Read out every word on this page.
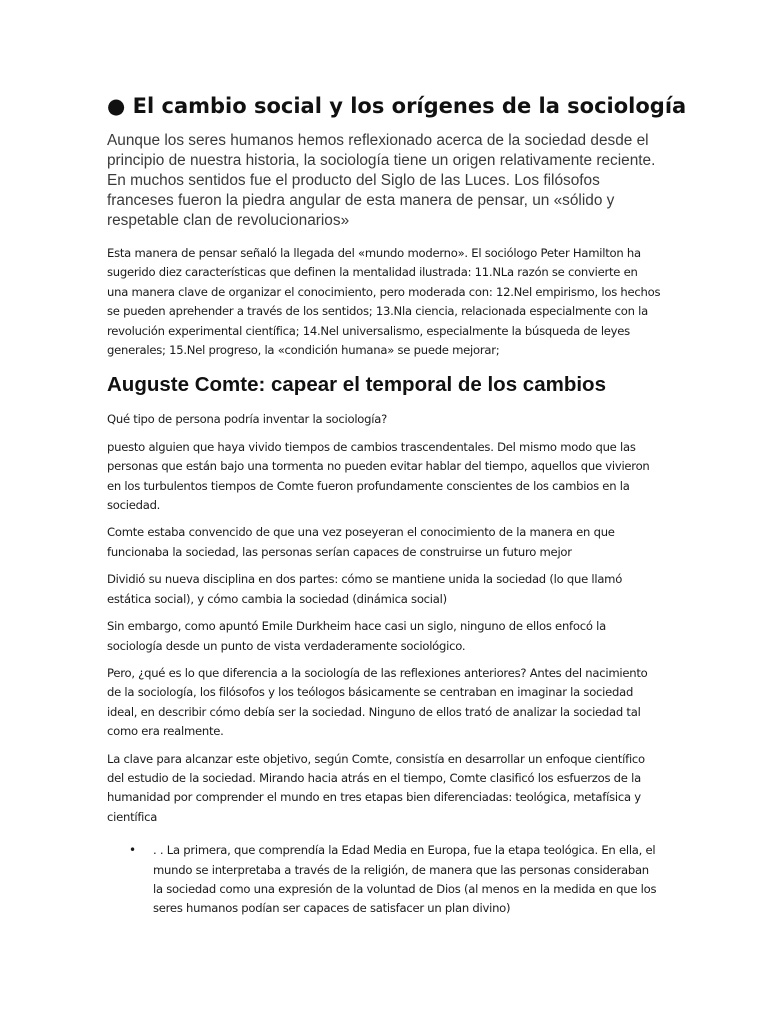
● El cambio social y los orígenes de la sociología

Aunque los seres humanos hemos reflexionado acerca de la sociedad desde el principio de nuestra historia, la sociología tiene un origen relativamente reciente. En muchos sentidos fue el producto del Siglo de las Luces. Los filósofos franceses fueron la piedra angular de esta manera de pensar, un «sólido y respetable clan de revolucionarios»

Esta manera de pensar señaló la llegada del «mundo moderno». El sociólogo Peter Hamilton ha sugerido diez características que definen la mentalidad ilustrada: 11.NLa razón se convierte en una manera clave de organizar el conocimiento, pero moderada con: 12.Nel empirismo, los hechos se pueden aprehender a través de los sentidos; 13.Nla ciencia, relacionada especialmente con la revolución experimental científica; 14.Nel universalismo, especialmente la búsqueda de leyes generales; 15.Nel progreso, la «condición humana» se puede mejorar;

Auguste Comte: capear el temporal de los cambios

Qué tipo de persona podría inventar la sociología?

puesto alguien que haya vivido tiempos de cambios trascendentales. Del mismo modo que las personas que están bajo una tormenta no pueden evitar hablar del tiempo, aquellos que vivieron en los turbulentos tiempos de Comte fueron profundamente conscientes de los cambios en la sociedad.

Comte estaba convencido de que una vez poseyeran el conocimiento de la manera en que funcionaba la sociedad, las personas serían capaces de construirse un futuro mejor

Dividió su nueva disciplina en dos partes: cómo se mantiene unida la sociedad (lo que llamó estática social), y cómo cambia la sociedad (dinámica social)

Sin embargo, como apuntó Emile Durkheim hace casi un siglo, ninguno de ellos enfocó la sociología desde un punto de vista verdaderamente sociológico.

Pero, ¿qué es lo que diferencia a la sociología de las reflexiones anteriores? Antes del nacimiento de la sociología, los filósofos y los teólogos básicamente se centraban en imaginar la sociedad ideal, en describir cómo debía ser la sociedad. Ninguno de ellos trató de analizar la sociedad tal como era realmente.

La clave para alcanzar este objetivo, según Comte, consistía en desarrollar un enfoque científico del estudio de la sociedad. Mirando hacia atrás en el tiempo, Comte clasificó los esfuerzos de la humanidad por comprender el mundo en tres etapas bien diferenciadas: teológica, metafísica y científica

• . . La primera, que comprendía la Edad Media en Europa, fue la etapa teológica. En ella, el mundo se interpretaba a través de la religión, de manera que las personas consideraban la sociedad como una expresión de la voluntad de Dios (al menos en la medida en que los seres humanos podían ser capaces de satisfacer un plan divino)
